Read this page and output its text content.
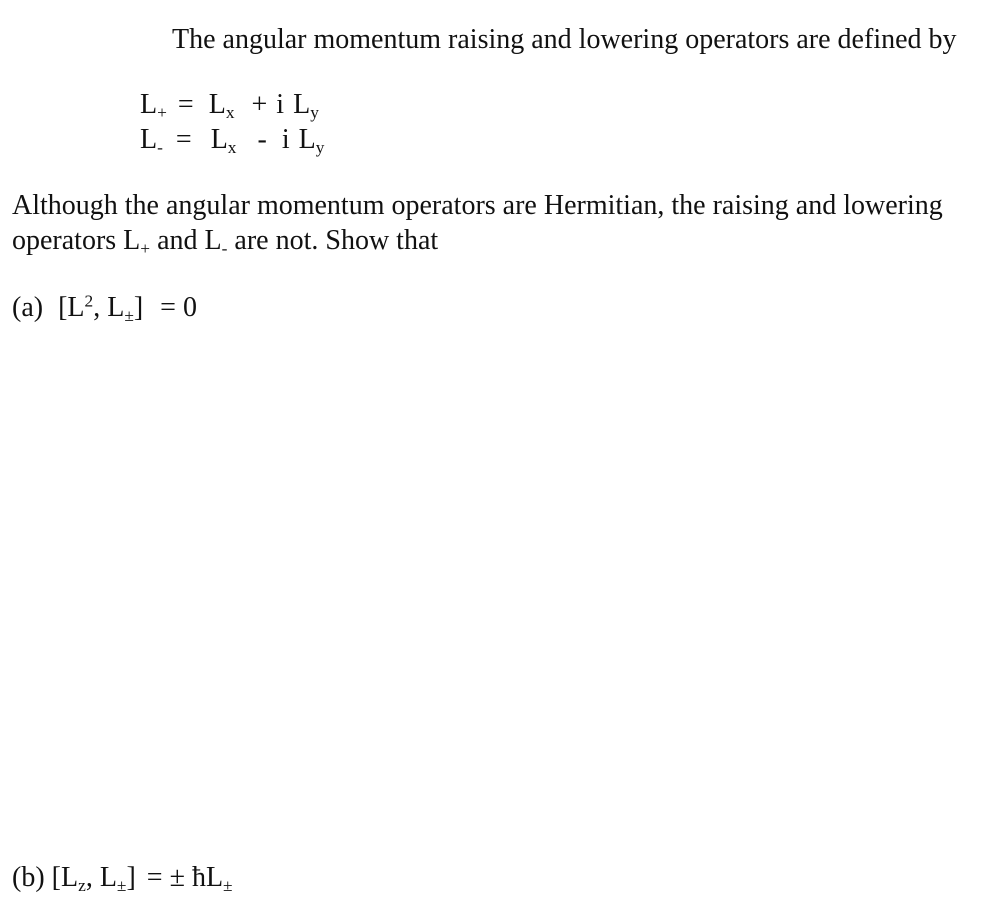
The angular momentum raising and lowering operators are defined by
$L_+ = L_x + i$ $L_y$
$L_- = L_x - i$ $L_y$
Although the angular momentum operators are Hermitian, the raising and lowering
operators $L_+$ and $L_-$ are not. Show that
(a) [$L^2$, $L_\pm] = 0$
(b) [$L_z$, $L_\pm$] = ± $ħL_\pm$
